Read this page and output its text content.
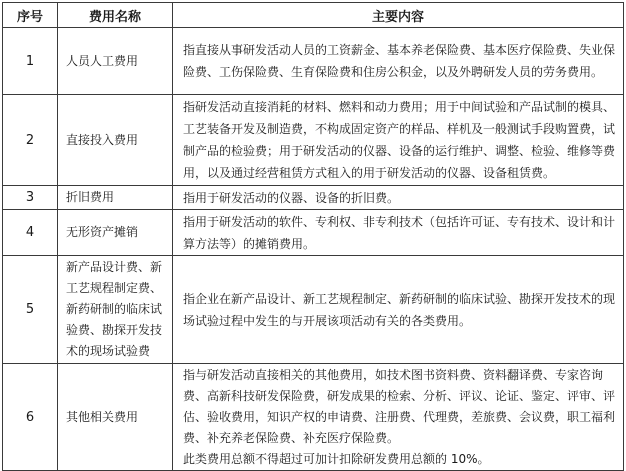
序号	费用名称	主要内容
1	人员人工费用	指直接从事研发活动人员的工资薪金、基本养老保险费、基本医疗保险费、失业保险费、工伤保险费、生育保险费和住房公积金，以及外聘研发人员的劳务费用。
2	直接投入费用	指研发活动直接消耗的材料、燃料和动力费用；用于中间试验和产品试制的模具、工艺装备开发及制造费，不构成固定资产的样品、样机及一般测试手段购置费，试制产品的检验费；用于研发活动的仪器、设备的运行维护、调整、检验、维修等费用，以及通过经营租赁方式租入的用于研发活动的仪器、设备租赁费。
3	折旧费用	指用于研发活动的仪器、设备的折旧费。
4	无形资产摊销	指用于研发活动的软件、专利权、非专利技术（包括许可证、专有技术、设计和计算方法等）的摊销费用。
5	新产品设计费、新工艺规程制定费、新药研制的临床试验费、勘探开发技术的现场试验费	指企业在新产品设计、新工艺规程制定、新药研制的临床试验、勘探开发技术的现场试验过程中发生的与开展该项活动有关的各类费用。
6	其他相关费用	指与研发活动直接相关的其他费用，如技术图书资料费、资料翻译费、专家咨询费、高新科技研发保险费，研发成果的检索、分析、评议、论证、鉴定、评审、评估、验收费用，知识产权的申请费、注册费、代理费，差旅费、会议费，职工福利费、补充养老保险费、补充医疗保险费。
此类费用总额不得超过可加计扣除研发费用总额的 10%。
